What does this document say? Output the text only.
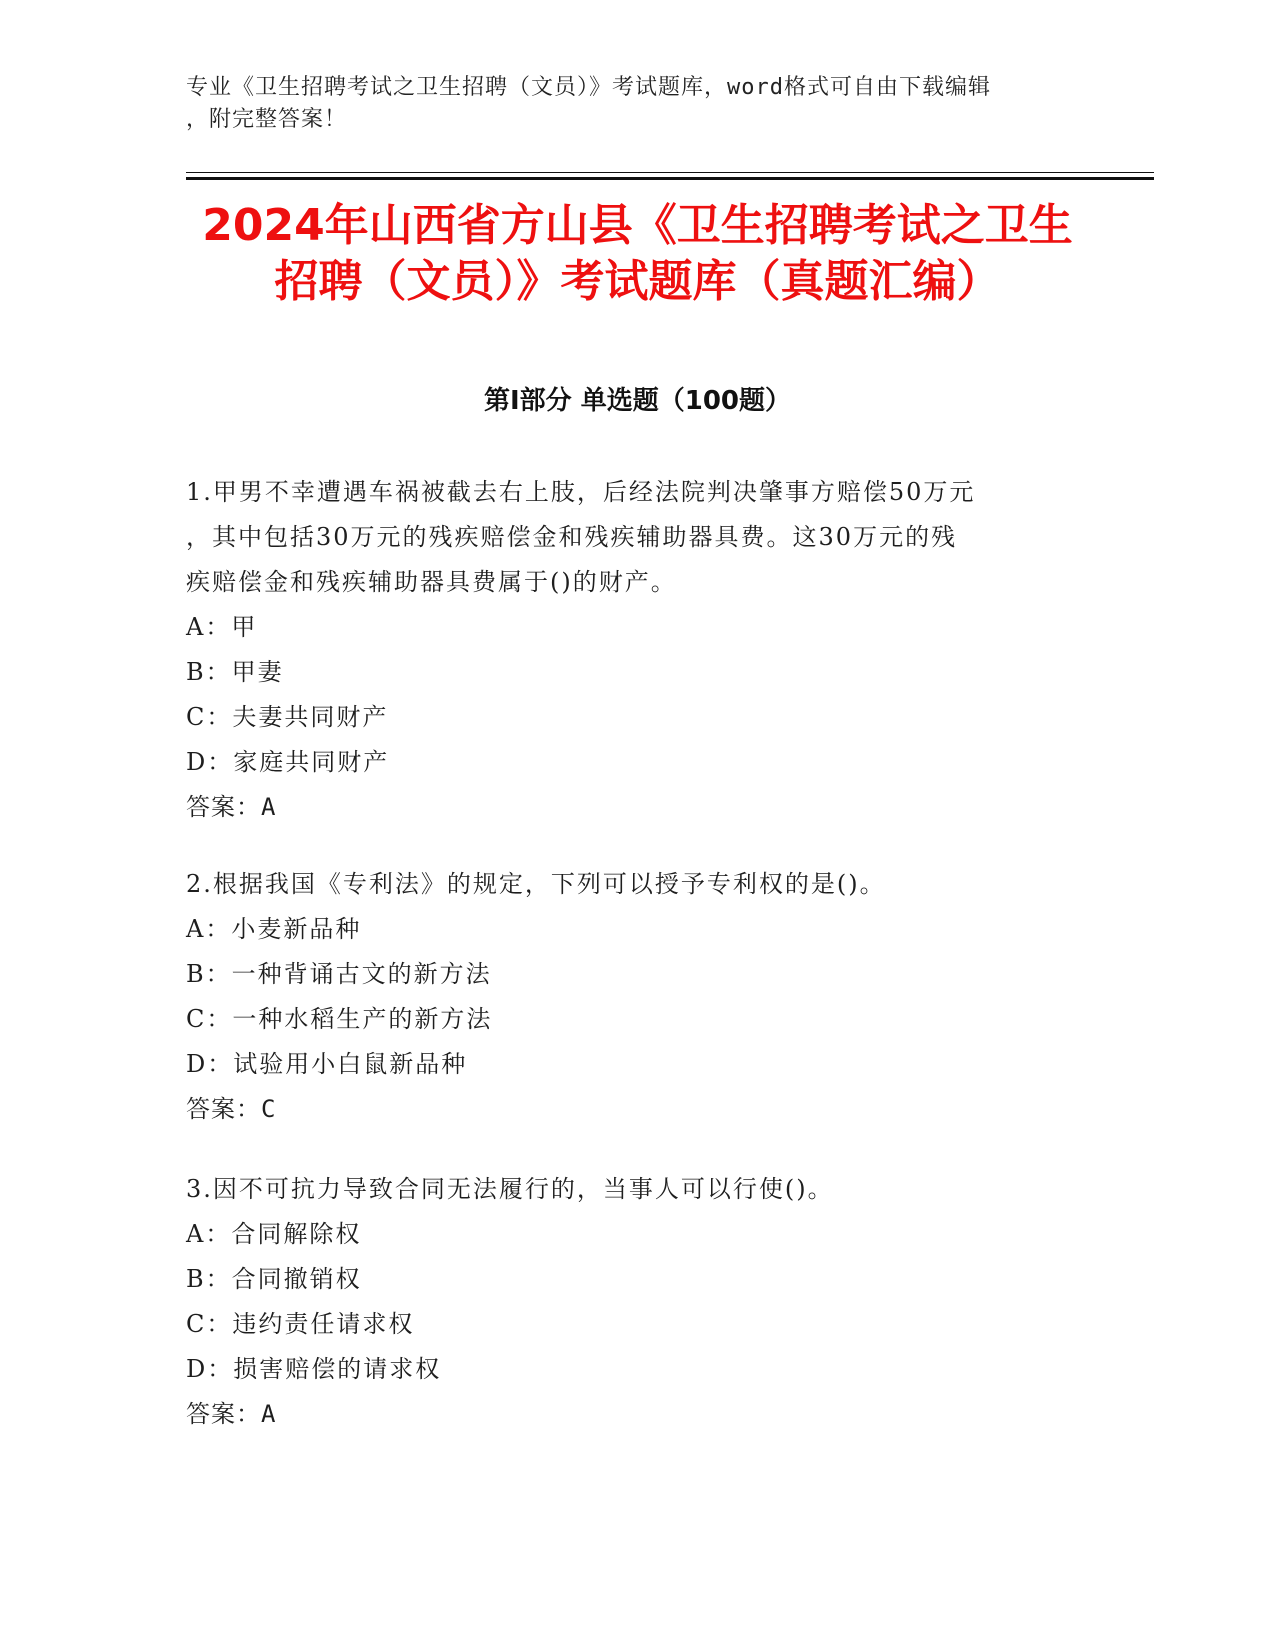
专业《卫生招聘考试之卫生招聘（文员）》考试题库，word格式可自由下载编辑
，附完整答案！
2024年山西省方山县《卫生招聘考试之卫生
招聘（文员）》考试题库（真题汇编）
第Ⅰ部分 单选题（100题）
1.甲男不幸遭遇车祸被截去右上肢，后经法院判决肇事方赔偿50万元
，其中包括30万元的残疾赔偿金和残疾辅助器具费。这30万元的残
疾赔偿金和残疾辅助器具费属于()的财产。
A：甲
B：甲妻
C：夫妻共同财产
D：家庭共同财产
答案：A
2.根据我国《专利法》的规定，下列可以授予专利权的是()。
A：小麦新品种
B：一种背诵古文的新方法
C：一种水稻生产的新方法
D：试验用小白鼠新品种
答案：C
3.因不可抗力导致合同无法履行的，当事人可以行使()。
A：合同解除权
B：合同撤销权
C：违约责任请求权
D：损害赔偿的请求权
答案：A
